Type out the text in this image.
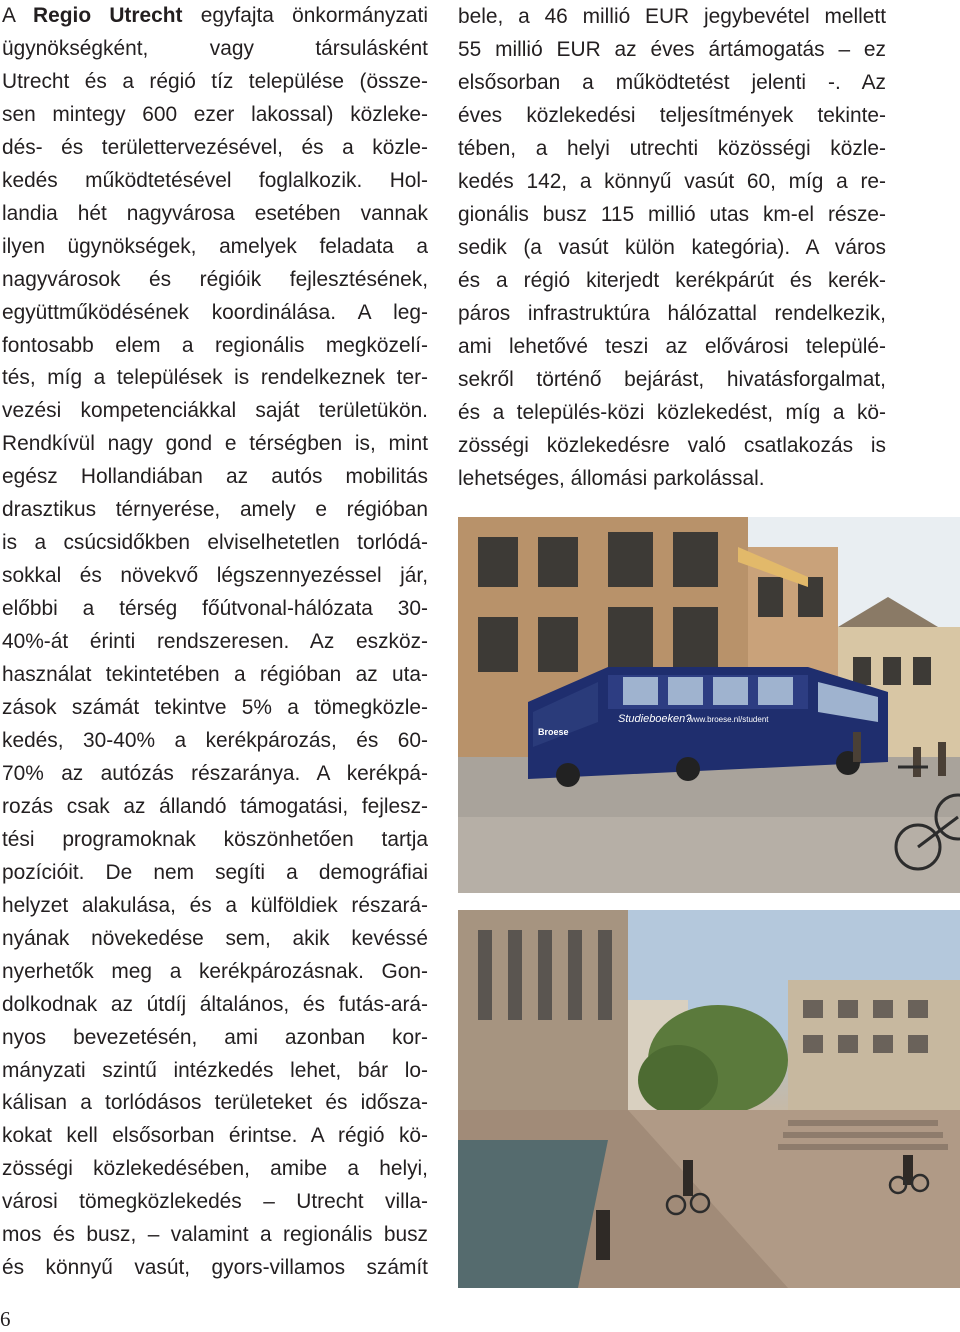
A Regio Utrecht egyfajta önkormányzati

ügynökségként, vagy társulásként

Utrecht és a régió tíz települése (össze-

sen mintegy 600 ezer lakossal) közleke-

dés- és területtervezésével, és a közle-

kedés működtetésével foglalkozik. Hol-

landia hét nagyvárosa esetében vannak

ilyen ügynökségek, amelyek feladata a

nagyvárosok és régióik fejlesztésének,

együttműködésének koordinálása. A leg-

fontosabb elem a regionális megközelí-

tés, míg a települések is rendelkeznek ter-

vezési kompetenciákkal saját területükön.

Rendkívül nagy gond e térségben is, mint

egész Hollandiában az autós mobilitás

drasztikus térnyerése, amely e régióban

is a csúcsidőkben elviselhetetlen torlódá-

sokkal és növekvő légszennyezéssel jár,

előbbi a térség főútvonal-hálózata 30-

40%-át érinti rendszeresen. Az eszköz-

használat tekintetében a régióban az uta-

zások számát tekintve 5% a tömegközle-

kedés, 30-40% a kerékpározás, és 60-

70% az autózás részaránya. A kerékpá-

rozás csak az állandó támogatási, fejlesz-

tési programoknak köszönhetően tartja

pozícióit. De nem segíti a demográfiai

helyzet alakulása, és a külföldiek részará-

nyának növekedése sem, akik kevéssé

nyerhetők meg a kerékpározásnak. Gon-

dolkodnak az útdíj általános, és futás-ará-

nyos bevezetésén, ami azonban kor-

mányzati szintű intézkedés lehet, bár lo-

kálisan a torlódásos területeket és idősza-

kokat kell elsősorban érintse. A régió kö-

zösségi közlekedésében, amibe a helyi,

városi tömegközlekedés – Utrecht villa-

mos és busz, – valamint a regionális busz

és könnyű vasút, gyors-villamos számít

bele, a 46 millió EUR jegybevétel mellett
55 millió EUR az éves ártámogatás – ez
elsősorban a működtetést jelenti -. Az
éves közlekedési teljesítmények tekinte-
tében, a helyi utrechti közösségi közle-
kedés 142, a könnyű vasút 60, míg a re-
gionális busz 115 millió utas km-el része-
sedik (a vasút külön kategória). A város
és a régió kiterjedt kerékpárút és kerék-
páros infrastruktúra hálózattal rendelkezik,
ami lehetővé teszi az elővárosi települé-
sekről történő bejárást, hivatásforgalmat,
és a település-közi közlekedést, míg a kö-
zösségi közlekedésre való csatlakozás is
lehetséges, állomási parkolással.

Studieboeken?
Broese
www.broese.nl/student
6
